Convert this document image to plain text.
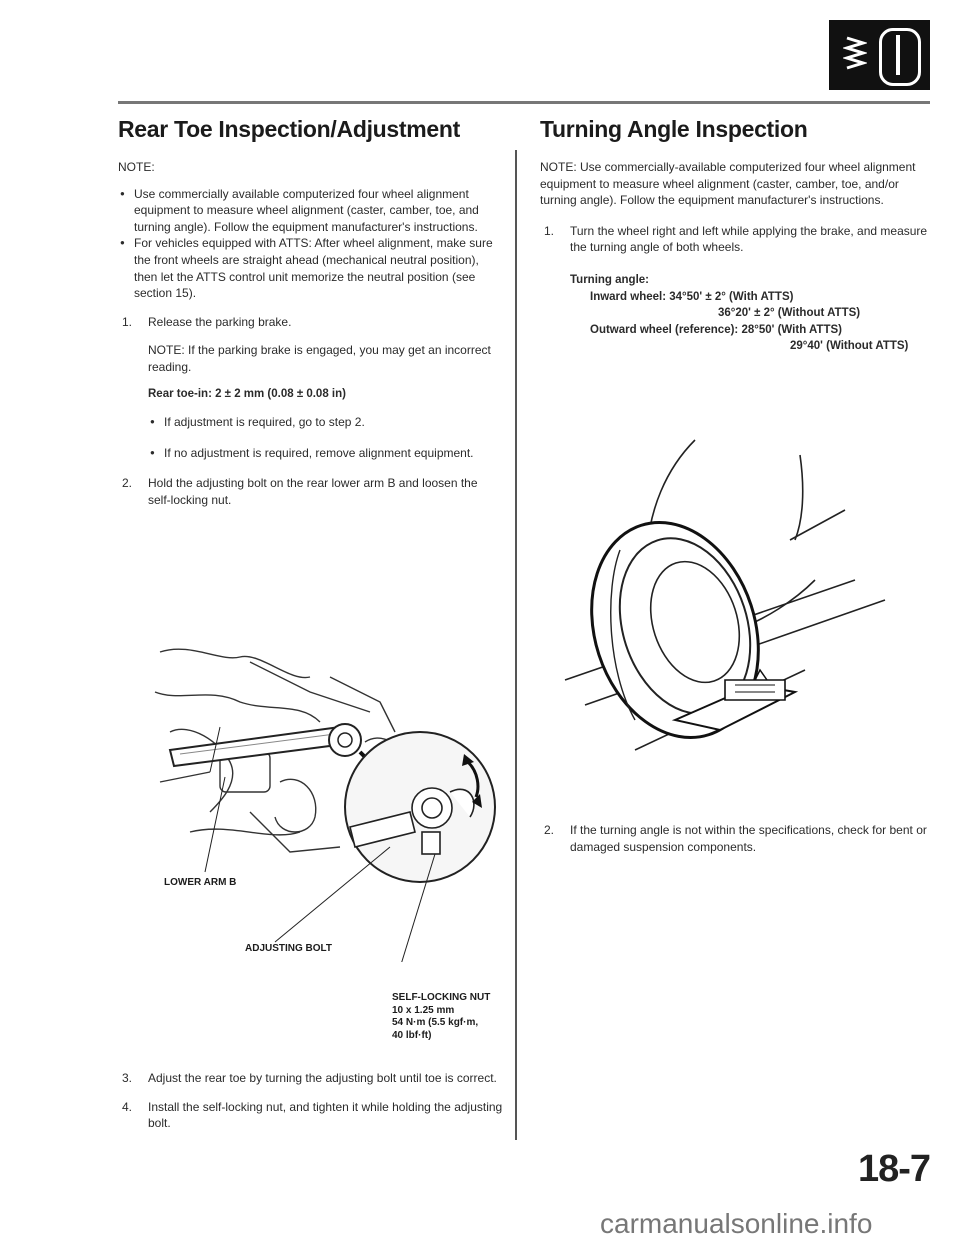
Rear Toe Inspection/Adjustment

NOTE:

● Use commercially available computerized four wheel alignment equipment to measure wheel alignment (caster, camber, toe, and turning angle). Follow the equipment manufacturer's instructions.
● For vehicles equipped with ATTS: After wheel alignment, make sure the front wheels are straight ahead (mechanical neutral position), then let the ATTS control unit memorize the neutral position (see section 15).
1. Release the parking brake.

NOTE: If the parking brake is engaged, you may get an incorrect reading.

Rear toe-in: 2 ± 2 mm (0.08 ± 0.08 in)

● If adjustment is required, go to step 2.
● If no adjustment is required, remove alignment equipment.
2. Hold the adjusting bolt on the rear lower arm B and loosen the self-locking nut.
LOWER ARM B
ADJUSTING BOLT
SELF-LOCKING NUT
10 x 1.25 mm
54 N·m (5.5 kgf·m,
40 lbf·ft)
3. Adjust the rear toe by turning the adjusting bolt until toe is correct.
4. Install the self-locking nut, and tighten it while holding the adjusting bolt.
Turning Angle Inspection

NOTE: Use commercially-available computerized four wheel alignment equipment to measure wheel alignment (caster, camber, toe, and/or turning angle). Follow the equipment manufacturer's instructions.

1. Turn the wheel right and left while applying the brake, and measure the turning angle of both wheels.
Turning angle:
Inward wheel: 34°50' ± 2° (With ATTS)
36°20' ± 2° (Without ATTS)
Outward wheel (reference): 28°50' (With ATTS)
29°40' (Without ATTS)
2. If the turning angle is not within the specifications, check for bent or damaged suspension components.
18-7
carmanualsonline.info
